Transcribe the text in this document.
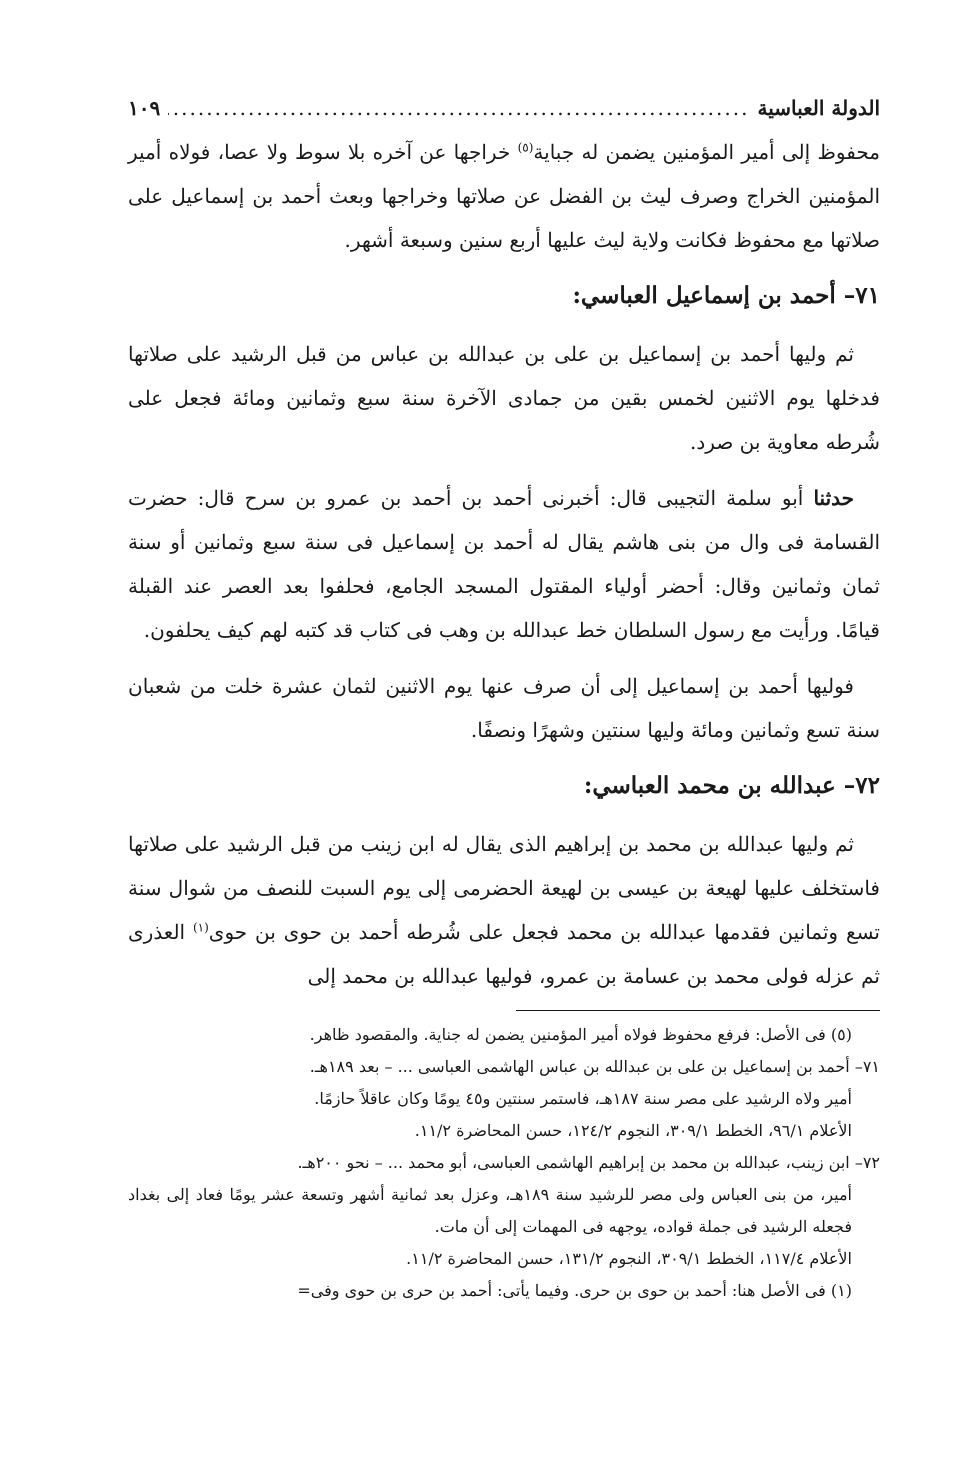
الدولة العباسية
.....
١٠٩

محفوظ إلى أمير المؤمنين يضمن له جباية$^{(٥)}$ خراجها عن آخره بلا سوط ولا عصا، فولاه أمير المؤمنين الخراج وصرف ليث بن الفضل عن صلاتها وخراجها وبعث أحمد بن إسماعيل على صلاتها مع محفوظ فكانت ولاية ليث عليها أربع سنين وسبعة أشهر.

٧١– أحمد بن إسماعيل العباسي:

ثم وليها أحمد بن إسماعيل بن على بن عبدالله بن عباس من قبل الرشيد على صلاتها فدخلها يوم الاثنين لخمس بقين من جمادى الآخرة سنة سبع وثمانين ومائة فجعل على شُرطه معاوية بن صرد.

حدثنا أبو سلمة التجيبى قال: أخبرنى أحمد بن أحمد بن عمرو بن سرح قال: حضرت القسامة فى وال من بنى هاشم يقال له أحمد بن إسماعيل فى سنة سبع وثمانين أو سنة ثمان وثمانين وقال: أحضر أولياء المقتول المسجد الجامع، فحلفوا بعد العصر عند القبلة قيامًا. ورأيت مع رسول السلطان خط عبدالله بن وهب فى كتاب قد كتبه لهم كيف يحلفون.

فوليها أحمد بن إسماعيل إلى أن صرف عنها يوم الاثنين لثمان عشرة خلت من شعبان سنة تسع وثمانين ومائة وليها سنتين وشهرًا ونصفًا.

٧٢– عبدالله بن محمد العباسي:

ثم وليها عبدالله بن محمد بن إبراهيم الذى يقال له ابن زينب من قبل الرشيد على صلاتها فاستخلف عليها لهيعة بن عيسى بن لهيعة الحضرمى إلى يوم السبت للنصف من شوال سنة تسع وثمانين فقدمها عبدالله بن محمد فجعل على شُرطه أحمد بن حوى بن حوى$^{(١)}$ العذرى ثم عزله فولى محمد بن عسامة بن عمرو، فوليها عبدالله بن محمد إلى

(٥) فى الأصل: فرفع محفوظ فولاه أمير المؤمنين يضمن له جناية. والمقصود ظاهر.

٧١– أحمد بن إسماعيل بن على بن عبدالله بن عباس الهاشمى العباسى ... – بعد ١٨٩هـ.

أمير ولاه الرشيد على مصر سنة ١٨٧هـ، فاستمر سنتين و٤٥ يومًا وكان عاقلاً حازمًا.

الأعلام ٩٦/١، الخطط ٣٠٩/١، النجوم ١٢٤/٢، حسن المحاضرة ١١/٢.

٧٢– ابن زينب، عبدالله بن محمد بن إبراهيم الهاشمى العباسى، أبو محمد ... – نحو ٢٠٠هـ.

أمير، من بنى العباس ولى مصر للرشيد سنة ١٨٩هـ، وعزل بعد ثمانية أشهر وتسعة عشر يومًا فعاد إلى بغداد فجعله الرشيد فى جملة قواده، يوجهه فى المهمات إلى أن مات.

الأعلام ١١٧/٤، الخطط ٣٠٩/١، النجوم ١٣١/٢، حسن المحاضرة ١١/٢.

(١) فى الأصل هنا: أحمد بن حوى بن حرى. وفيما يأتى: أحمد بن حرى بن حوى وفى=
